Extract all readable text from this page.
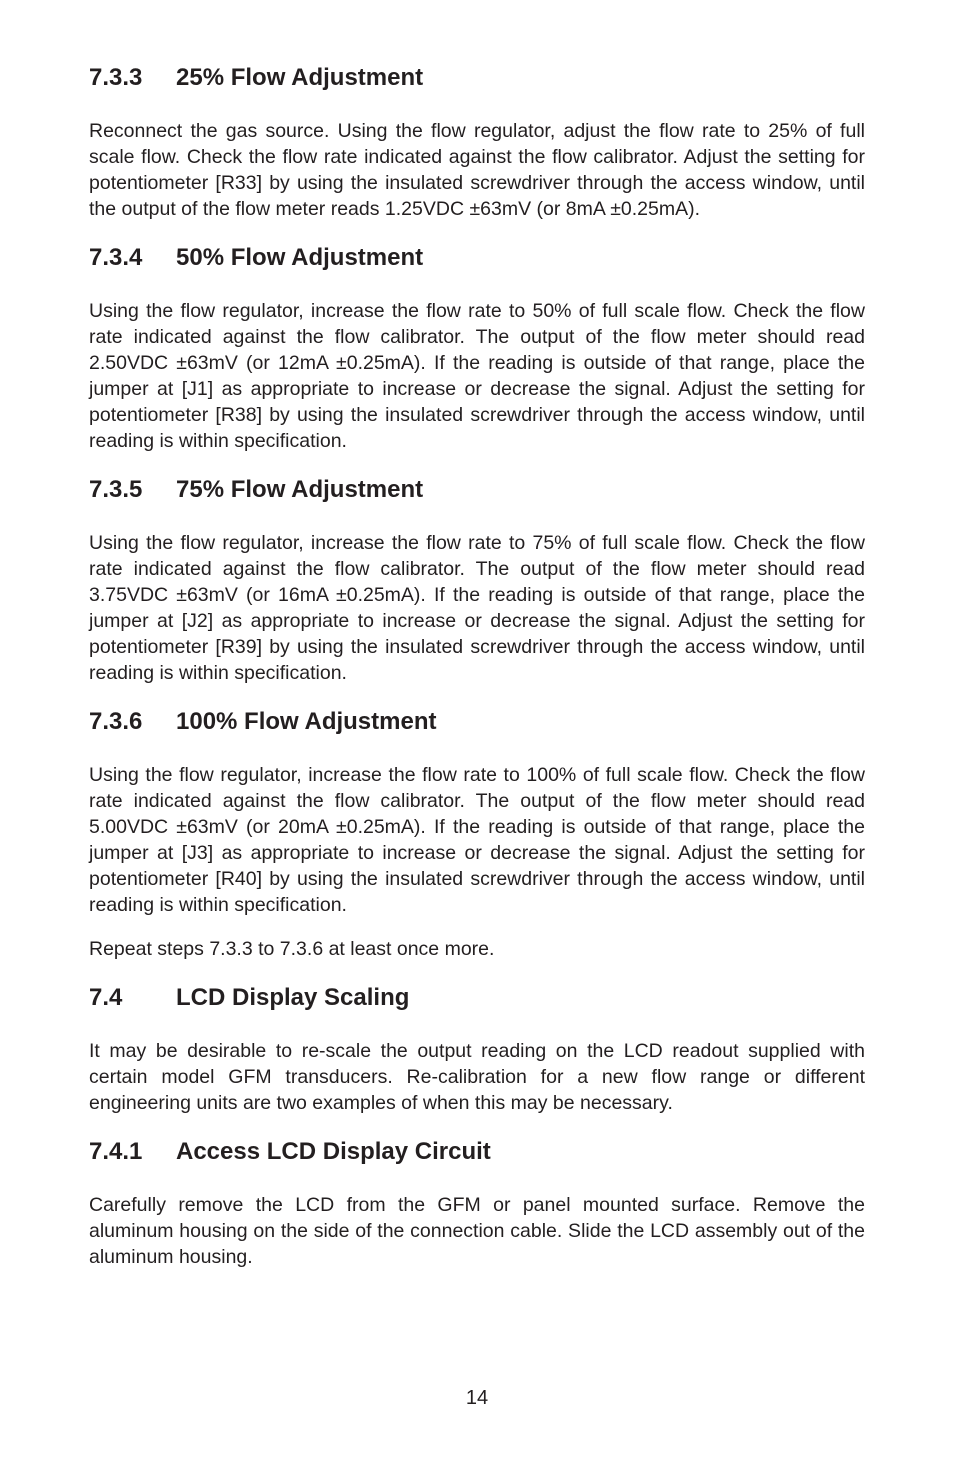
7.3.3	25% Flow Adjustment

Reconnect the gas source. Using the flow regulator, adjust the flow rate to 25% of full scale flow. Check the flow rate indicated against the flow calibrator. Adjust the setting for potentiometer [R33] by using the insulated screwdriver through the access window, until the output of the flow meter reads 1.25VDC ±63mV (or 8mA ±0.25mA).

7.3.4	50% Flow Adjustment

Using the flow regulator, increase the flow rate to 50% of full scale flow. Check the flow rate indicated against the flow calibrator. The output of the flow meter should read 2.50VDC ±63mV (or 12mA ±0.25mA). If the reading is outside of that range, place the jumper at [J1] as appropriate to increase or decrease the signal. Adjust the setting for potentiometer [R38] by using the insulated screwdriver through the access window, until reading is within specification.

7.3.5	75% Flow Adjustment

Using the flow regulator, increase the flow rate to 75% of full scale flow. Check the flow rate indicated against the flow calibrator. The output of the flow meter should read 3.75VDC ±63mV (or 16mA ±0.25mA). If the reading is outside of that range, place the jumper at [J2] as appropriate to increase or decrease the signal. Adjust the setting for potentiometer [R39] by using the insulated screwdriver through the access window, until reading is within specification.

7.3.6	100% Flow Adjustment

Using the flow regulator, increase the flow rate to 100% of full scale flow. Check the flow rate indicated against the flow calibrator. The output of the flow meter should read 5.00VDC ±63mV (or 20mA ±0.25mA). If the reading is outside of that range, place the jumper at [J3] as appropriate to increase or decrease the signal. Adjust the setting for potentiometer [R40] by using the insulated screwdriver through the access window, until reading is within specification.

Repeat steps 7.3.3 to 7.3.6 at least once more.

7.4	LCD Display Scaling

It may be desirable to re-scale the output reading on the LCD readout supplied with certain model GFM transducers. Re-calibration for a new flow range or different engineering units are two examples of when this may be necessary.

7.4.1	Access LCD Display Circuit

Carefully remove the LCD from the GFM or panel mounted surface. Remove the aluminum housing on the side of the connection cable. Slide the LCD assembly out of the aluminum housing.

14
